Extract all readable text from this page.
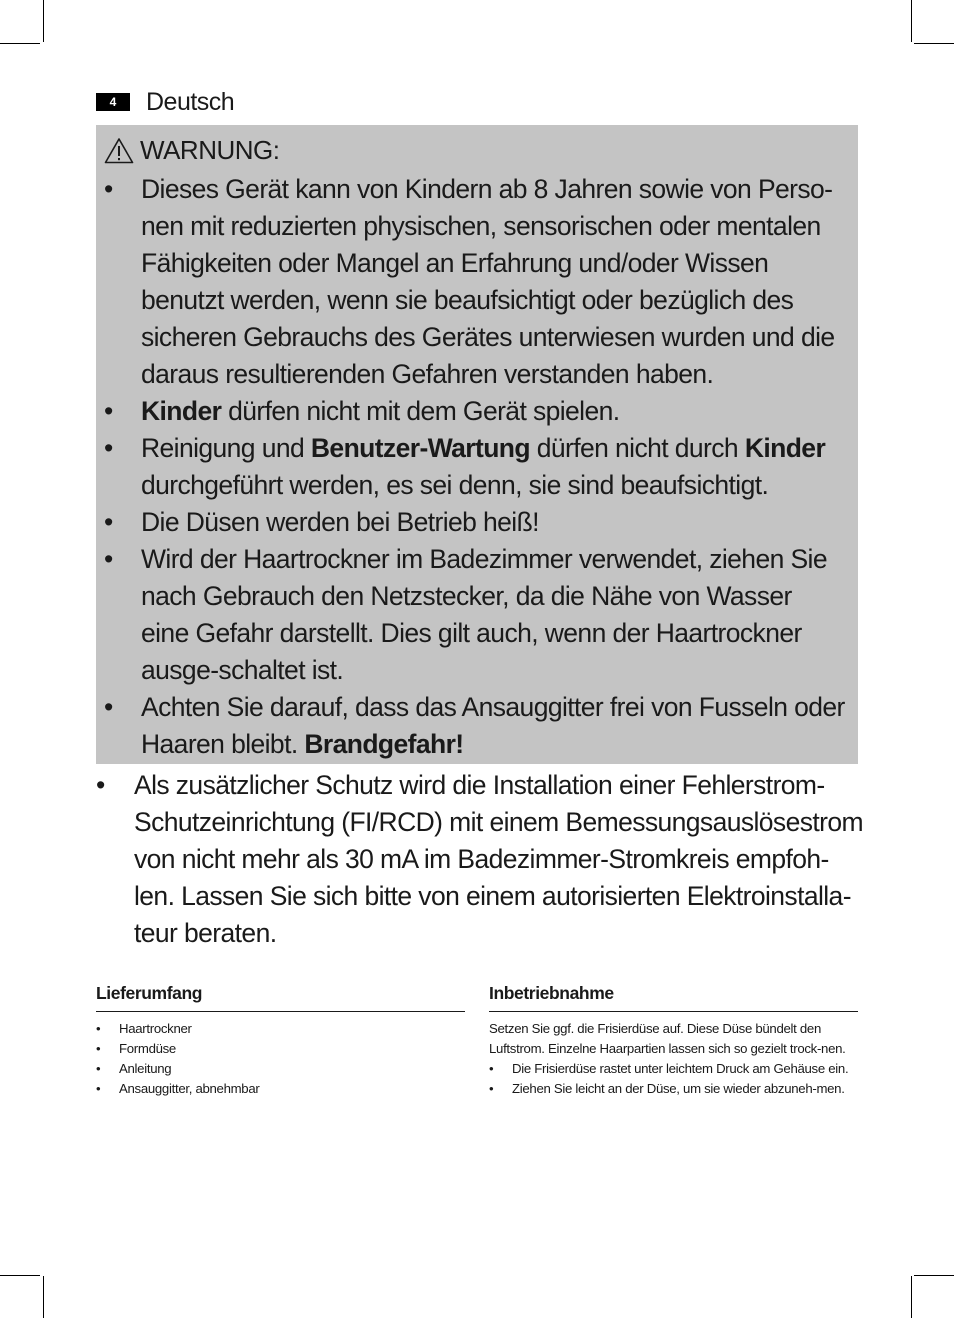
4	Deutsch
WARNUNG:
• Dieses Gerät kann von Kindern ab 8 Jahren sowie von Perso-nen mit reduzierten physischen, sensorischen oder mentalen Fähigkeiten oder Mangel an Erfahrung und/oder Wissen benutzt werden, wenn sie beaufsichtigt oder bezüglich des sicheren Gebrauchs des Gerätes unterwiesen wurden und die daraus resultierenden Gefahren verstanden haben.
• Kinder dürfen nicht mit dem Gerät spielen.
• Reinigung und Benutzer-Wartung dürfen nicht durch Kinder durchgeführt werden, es sei denn, sie sind beaufsichtigt.
• Die Düsen werden bei Betrieb heiß!
• Wird der Haartrockner im Badezimmer verwendet, ziehen Sie nach Gebrauch den Netzstecker, da die Nähe von Wasser eine Gefahr darstellt. Dies gilt auch, wenn der Haartrockner ausge-schaltet ist.
• Achten Sie darauf, dass das Ansauggitter frei von Fusseln oder Haaren bleibt. Brandgefahr!
• Als zusätzlicher Schutz wird die Installation einer Fehlerstrom-Schutzeinrichtung (FI/RCD) mit einem Bemessungsauslösestrom von nicht mehr als 30 mA im Badezimmer-Stromkreis empfoh-len. Lassen Sie sich bitte von einem autorisierten Elektroinstalla-teur beraten.
Lieferumfang
• Haartrockner
• Formdüse
• Anleitung
• Ansauggitter, abnehmbar
Inbetriebnahme

Setzen Sie ggf. die Frisierdüse auf. Diese Düse bündelt den Luftstrom. Einzelne Haarpartien lassen sich so gezielt trock-nen.

• Die Frisierdüse rastet unter leichtem Druck am Gehäuse ein.
• Ziehen Sie leicht an der Düse, um sie wieder abzuneh-men.
